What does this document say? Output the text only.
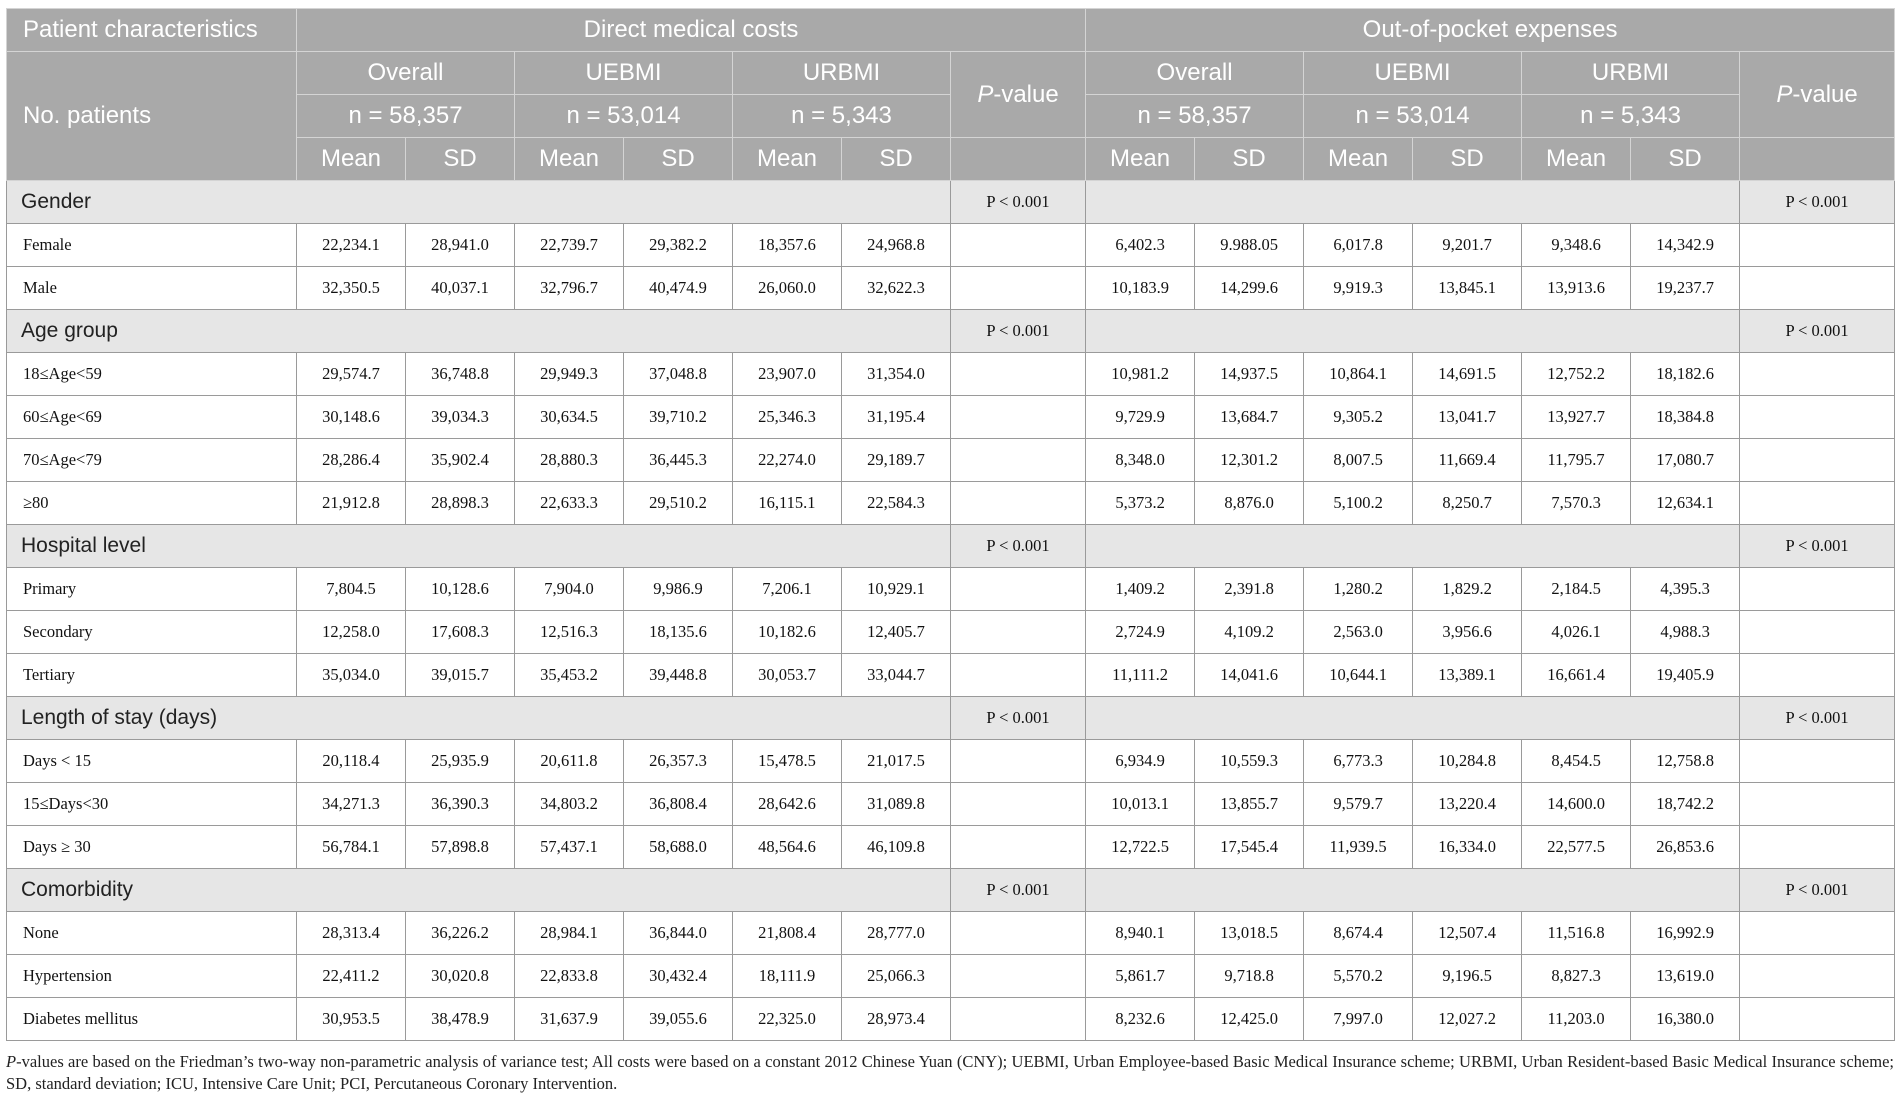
Patient characteristics	Direct medical costs							Out-of-pocket expenses						
No. patients	Overall		UEBMI		URBMI		P-value	Overall		UEBMI		URBMI		P-value
	n = 58,357		n = 53,014		n = 5,343			n = 58,357		n = 53,014		n = 5,343		
	Mean	SD	Mean	SD	Mean	SD		Mean	SD	Mean	SD	Mean	SD	
Gender							P < 0.001							P < 0.001
Female	22,234.1	28,941.0	22,739.7	29,382.2	18,357.6	24,968.8		6,402.3	9.988.05	6,017.8	9,201.7	9,348.6	14,342.9	
Male	32,350.5	40,037.1	32,796.7	40,474.9	26,060.0	32,622.3		10,183.9	14,299.6	9,919.3	13,845.1	13,913.6	19,237.7	
Age group							P < 0.001							P < 0.001
18≤Age<59	29,574.7	36,748.8	29,949.3	37,048.8	23,907.0	31,354.0		10,981.2	14,937.5	10,864.1	14,691.5	12,752.2	18,182.6	
60≤Age<69	30,148.6	39,034.3	30,634.5	39,710.2	25,346.3	31,195.4		9,729.9	13,684.7	9,305.2	13,041.7	13,927.7	18,384.8	
70≤Age<79	28,286.4	35,902.4	28,880.3	36,445.3	22,274.0	29,189.7		8,348.0	12,301.2	8,007.5	11,669.4	11,795.7	17,080.7	
≥80	21,912.8	28,898.3	22,633.3	29,510.2	16,115.1	22,584.3		5,373.2	8,876.0	5,100.2	8,250.7	7,570.3	12,634.1	
Hospital level							P < 0.001							P < 0.001
Primary	7,804.5	10,128.6	7,904.0	9,986.9	7,206.1	10,929.1		1,409.2	2,391.8	1,280.2	1,829.2	2,184.5	4,395.3	
Secondary	12,258.0	17,608.3	12,516.3	18,135.6	10,182.6	12,405.7		2,724.9	4,109.2	2,563.0	3,956.6	4,026.1	4,988.3	
Tertiary	35,034.0	39,015.7	35,453.2	39,448.8	30,053.7	33,044.7		11,111.2	14,041.6	10,644.1	13,389.1	16,661.4	19,405.9	
Length of stay (days)							P < 0.001							P < 0.001
Days < 15	20,118.4	25,935.9	20,611.8	26,357.3	15,478.5	21,017.5		6,934.9	10,559.3	6,773.3	10,284.8	8,454.5	12,758.8	
15≤Days<30	34,271.3	36,390.3	34,803.2	36,808.4	28,642.6	31,089.8		10,013.1	13,855.7	9,579.7	13,220.4	14,600.0	18,742.2	
Days ≥ 30	56,784.1	57,898.8	57,437.1	58,688.0	48,564.6	46,109.8		12,722.5	17,545.4	11,939.5	16,334.0	22,577.5	26,853.6	
Comorbidity							P < 0.001							P < 0.001
None	28,313.4	36,226.2	28,984.1	36,844.0	21,808.4	28,777.0		8,940.1	13,018.5	8,674.4	12,507.4	11,516.8	16,992.9	
Hypertension	22,411.2	30,020.8	22,833.8	30,432.4	18,111.9	25,066.3		5,861.7	9,718.8	5,570.2	9,196.5	8,827.3	13,619.0	
Diabetes mellitus	30,953.5	38,478.9	31,637.9	39,055.6	22,325.0	28,973.4		8,232.6	12,425.0	7,997.0	12,027.2	11,203.0	16,380.0	
P-values are based on the Friedman’s two-way non-parametric analysis of variance test; All costs were based on a constant 2012 Chinese Yuan (CNY); UEBMI, Urban Employee-based Basic Medical Insurance scheme; URBMI, Urban Resident-based Basic Medical Insurance scheme; SD, standard deviation; ICU, Intensive Care Unit; PCI, Percutaneous Coronary Intervention.
